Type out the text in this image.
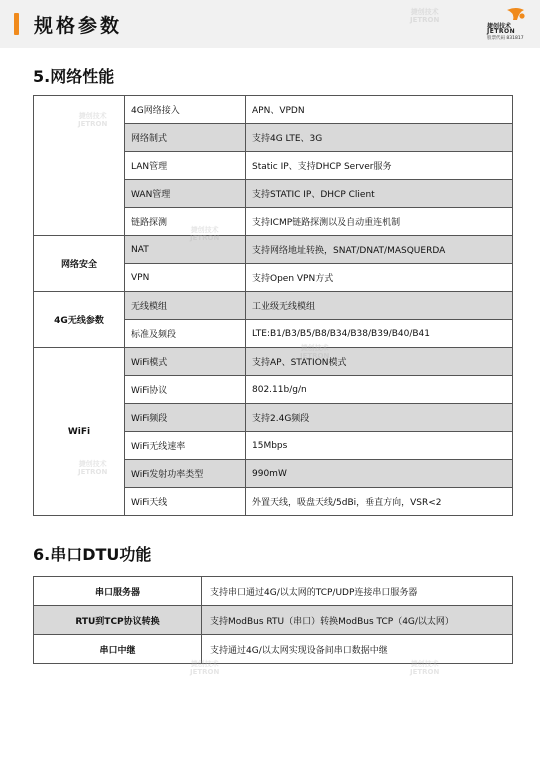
规格参数	捷创技术
JETRON
股票代码 831817
5.网络性能
	4G网络接入	APN、VPDN
	网络制式	支持4G LTE、3G
	LAN管理	Static IP、支持DHCP Server服务
	WAN管理	支持STATIC IP、DHCP Client
	链路探测	支持ICMP链路探测以及自动重连机制
网络安全	NAT	支持网络地址转换，SNAT/DNAT/MASQUERDA
	VPN	支持Open VPN方式
4G无线参数	无线模组	工业级无线模组
	标准及频段	LTE:B1/B3/B5/B8/B34/B38/B39/B40/B41
WiFi	WiFi模式	支持AP、STATION模式
	WiFi协议	802.11b/g/n
	WiFi频段	支持2.4G频段
	WiFi无线速率	15Mbps
	WiFi发射功率类型	990mW
	WiFi天线	外置天线，吸盘天线/5dBi，垂直方向，VSR<2
6.串口DTU功能
串口服务器	支持串口通过4G/以太网的TCP/UDP连接串口服务器
RTU到TCP协议转换	支持ModBus RTU（串口）转换ModBus TCP（4G/以太网）
串口中继	支持通过4G/以太网实现设备间串口数据中继
捷创技术
JETRON
捷创技术
JETRON
捷创技术
JETRON
捷创技术
JETRON
捷创技术
JETRON
捷创技术
JETRON
捷创技术
JETRON
